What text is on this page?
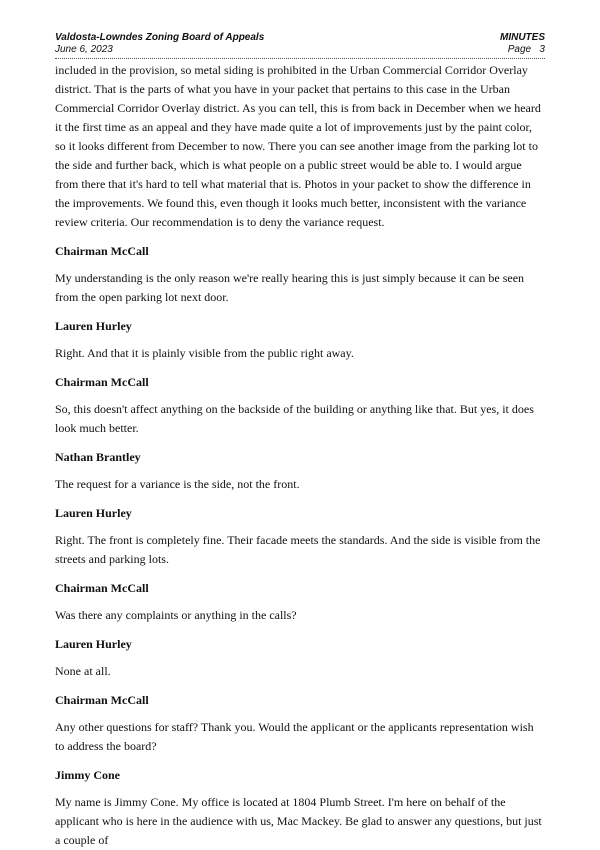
Valdosta-Lowndes Zoning Board of Appeals
June 6, 2023
MINUTES
Page   3

included in the provision, so metal siding is prohibited in the Urban Commercial Corridor Overlay district. That is the parts of what you have in your packet that pertains to this case in the Urban Commercial Corridor Overlay district. As you can tell, this is from back in December when we heard it the first time as an appeal and they have made quite a lot of improvements just by the paint color, so it looks different from December to now. There you can see another image from the parking lot to the side and further back, which is what people on a public street would be able to. I would argue from there that it's hard to tell what material that is. Photos in your packet to show the difference in the improvements. We found this, even though it looks much better, inconsistent with the variance review criteria. Our recommendation is to deny the variance request.

Chairman McCall

My understanding is the only reason we're really hearing this is just simply because it can be seen from the open parking lot next door.

Lauren Hurley

Right. And that it is plainly visible from the public right away.

Chairman McCall

So, this doesn't affect anything on the backside of the building or anything like that. But yes, it does look much better.

Nathan Brantley

The request for a variance is the side, not the front.

Lauren Hurley

Right. The front is completely fine. Their facade meets the standards. And the side is visible from the streets and parking lots.

Chairman McCall

Was there any complaints or anything in the calls?

Lauren Hurley

None at all.

Chairman McCall

Any other questions for staff? Thank you. Would the applicant or the applicants representation wish to address the board?

Jimmy Cone

My name is Jimmy Cone. My office is located at 1804 Plumb Street. I'm here on behalf of the applicant who is here in the audience with us, Mac Mackey. Be glad to answer any questions, but just a couple of
